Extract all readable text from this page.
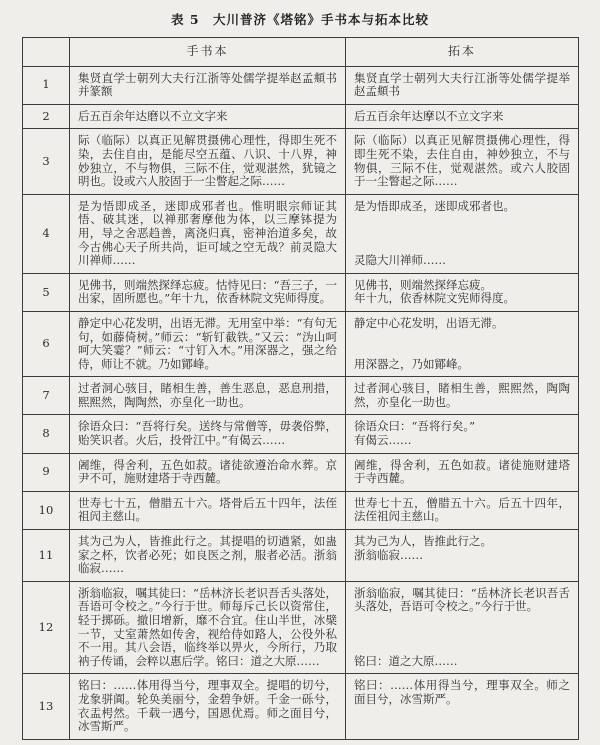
表 5　大川普济《塔铭》手书本与拓本比较
	手书本	拓本
1	集贤直学士朝列大夫行江浙等处儒学提举赵孟頫书并篆额	集贤直学士朝列大夫行江浙等处儒学提举赵孟頫书

2	后五百余年达磨以不立文字来	后五百余年达摩以不立文字来

3	际（临际）以真正见解贯摄佛心理性，得即生死不染，去住自由，是能尽空五蕴、八识、十八界，神妙独立，不与物俱，三际不住，觉观湛然，犹镜之明也。设或六人胶固于一尘瞥起之际……	际（临际）以真正见解贯摄佛心理性，得即生死不染，去住自由，神妙独立，不与物俱，三际不住，觉观湛然。或六人胶固于一尘瞥起之际……

4	是为悟即成圣，迷即成邪者也。惟明眼宗师证其悟、破其迷，以禅那奢摩他为体，以三摩钵提为用，导之舍恶趋善，离浇归真，密神治道多矣，故今古佛心天子所共尚，讵可域之空无哉？前灵隐大川禅师……	是为悟即成圣，迷即成邪者也。
灵隐大川禅师……

5	见佛书，则端然探绎忘疲。怙恃见曰：“吾三子，一出家，固所愿也。”年十九，依香林院文宪师得度。	见佛书，则端然探绎忘疲。
年十九，依香林院文宪师得度。

6	静定中心花发明，出语无滞。无用室中举：“有句无句，如藤倚树。”师云：“斩钉截铁。”又云：“沩山呵呵大笑霎？”师云：“寸钉入木。”用深器之，强之给侍，师让不就。乃如鄮峰。	静定中心花发明，出语无滞。
用深器之，乃如鄮峰。

7	过者洞心骇目，睹相生善，善生恶息，恶息刑措，熙熙然，陶陶然，亦皇化一助也。	过者洞心骇目，睹相生善，熙熙然，陶陶然，亦皇化一助也。

8	徐语众曰：“吾将行矣。送终与常僧等，毋袭俗弊，贻笑识者。火后，投骨江中。”有偈云……	徐语众曰：“吾将行矣。”
有偈云……

9	阇维，得舍利，五色如菽。诸徒欲遵治命水葬。京尹不可，施财建塔于寺西麓。	阇维，得舍利，五色如菽。诸徒施财建塔于寺西麓。

10	世寿七十五，僧腊五十六。塔骨后五十四年，法侄祖闶主慈山。	世寿七十五，僧腊五十六。后五十四年，法侄祖闶主慈山。

11	其为己为人，皆推此行之。其提唱的切遒紧，如蛊家之杯，饮者必死；如良医之剂，服者必活。浙翁临寂……	其为己为人，皆推此行之。
浙翁临寂……

12	浙翁临寂，嘱其徒曰：“岳林济长老识吾舌头落处，吾语可令校之。”今行于世。师每斥己长以资常住，轻于掷砾。撤旧增新，靡不合宜。住山半世，冰檗一节，丈室萧然如传舍，视给侍如路人，公役外私不一用。其八会语，临终举以畀火，今所行，乃取衲子传诵，会粹以惠后学。铭曰：道之大原……	浙翁临寂，嘱其徒曰：“岳林济长老识吾舌头落处，吾语可令校之。”今行于世。
铭曰：道之大原……

13	铭曰：……体用得当兮，理事双全。提唱的切兮，龙象骈阗。轮奂美丽兮，金碧争妍。千金一砾兮，衣盂枵然。千载一遇兮，国恩优焉。师之面目兮，冰雪斯严。	铭曰：……体用得当兮，理事双全。师之面目兮，冰雪斯严。
